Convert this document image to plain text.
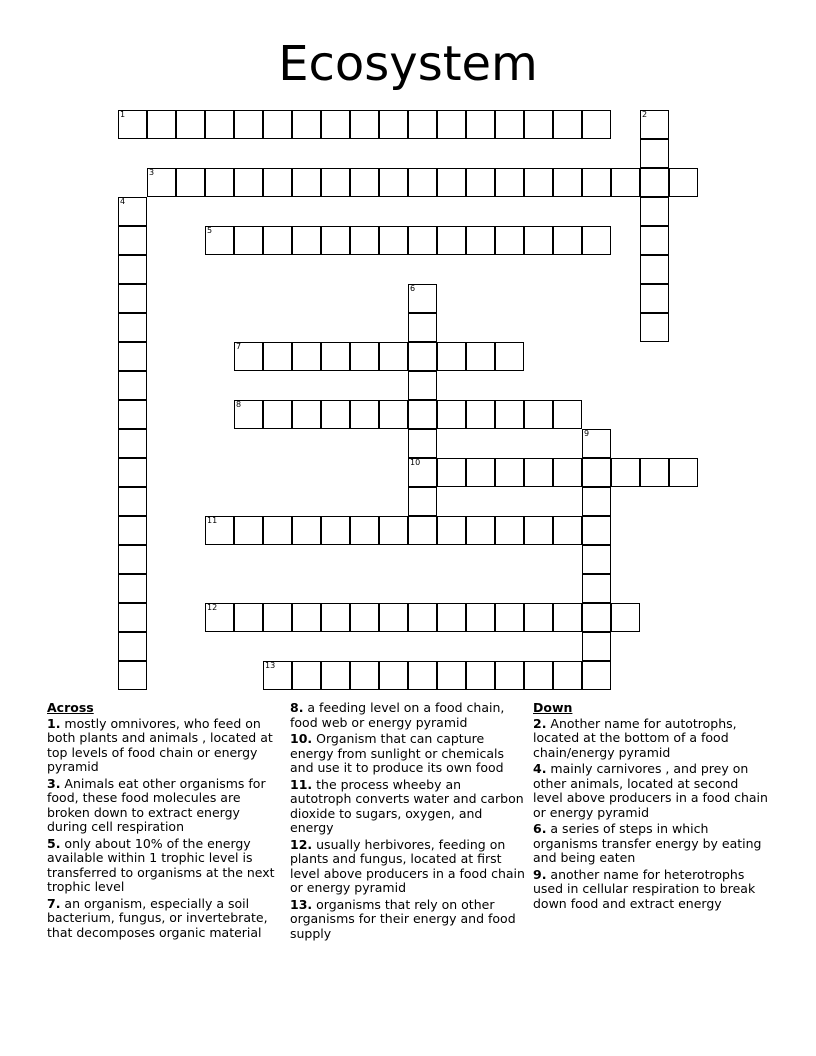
Ecosystem
1	2
3
4
5
6
10
7
8
9
11
12
13
Across
1. mostly omnivores, who feed on both plants and animals , located at top levels of food chain or energy pyramid
3. Animals eat other organisms for food, these food molecules are broken down to extract energy during cell respiration
5. only about 10% of the energy available within 1 trophic level is transferred to organisms at the next trophic level
7. an organism, especially a soil bacterium, fungus, or invertebrate, that decomposes organic material
8. a feeding level on a food chain, food web or energy pyramid
10. Organism that can capture energy from sunlight or chemicals and use it to produce its own food
11. the process wheeby an autotroph converts water and carbon dioxide to sugars, oxygen, and energy
12. usually herbivores, feeding on plants and fungus, located at first level above producers in a food chain or energy pyramid
13. organisms that rely on other organisms for their energy and food supply
Down
2. Another name for autotrophs, located at the bottom of a food chain/energy pyramid
4. mainly carnivores , and prey on other animals, located at second level above producers in a food chain or energy pyramid
6. a series of steps in which organisms transfer energy by eating and being eaten
9. another name for heterotrophs used in cellular respiration to break down food and extract energy
